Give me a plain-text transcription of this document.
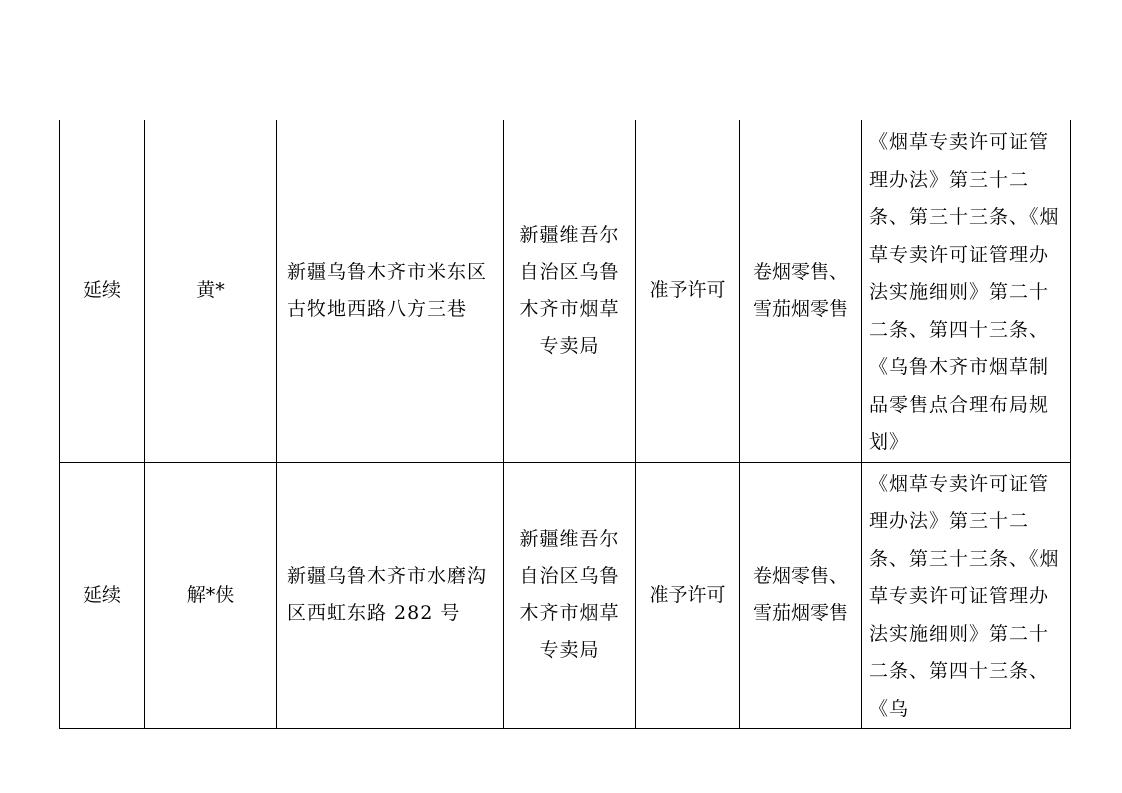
延续	黄*	新疆乌鲁木齐市米东区古牧地西路八方三巷	新疆维吾尔自治区乌鲁木齐市烟草专卖局	准予许可	卷烟零售、雪茄烟零售	《烟草专卖许可证管理办法》第三十二条、第三十三条、《烟草专卖许可证管理办法实施细则》第二十二条、第四十三条、《乌鲁木齐市烟草制品零售点合理布局规划》
延续	解*侠	新疆乌鲁木齐市水磨沟区西虹东路 282 号	新疆维吾尔自治区乌鲁木齐市烟草专卖局	准予许可	卷烟零售、雪茄烟零售	《烟草专卖许可证管理办法》第三十二条、第三十三条、《烟草专卖许可证管理办法实施细则》第二十二条、第四十三条、《乌
